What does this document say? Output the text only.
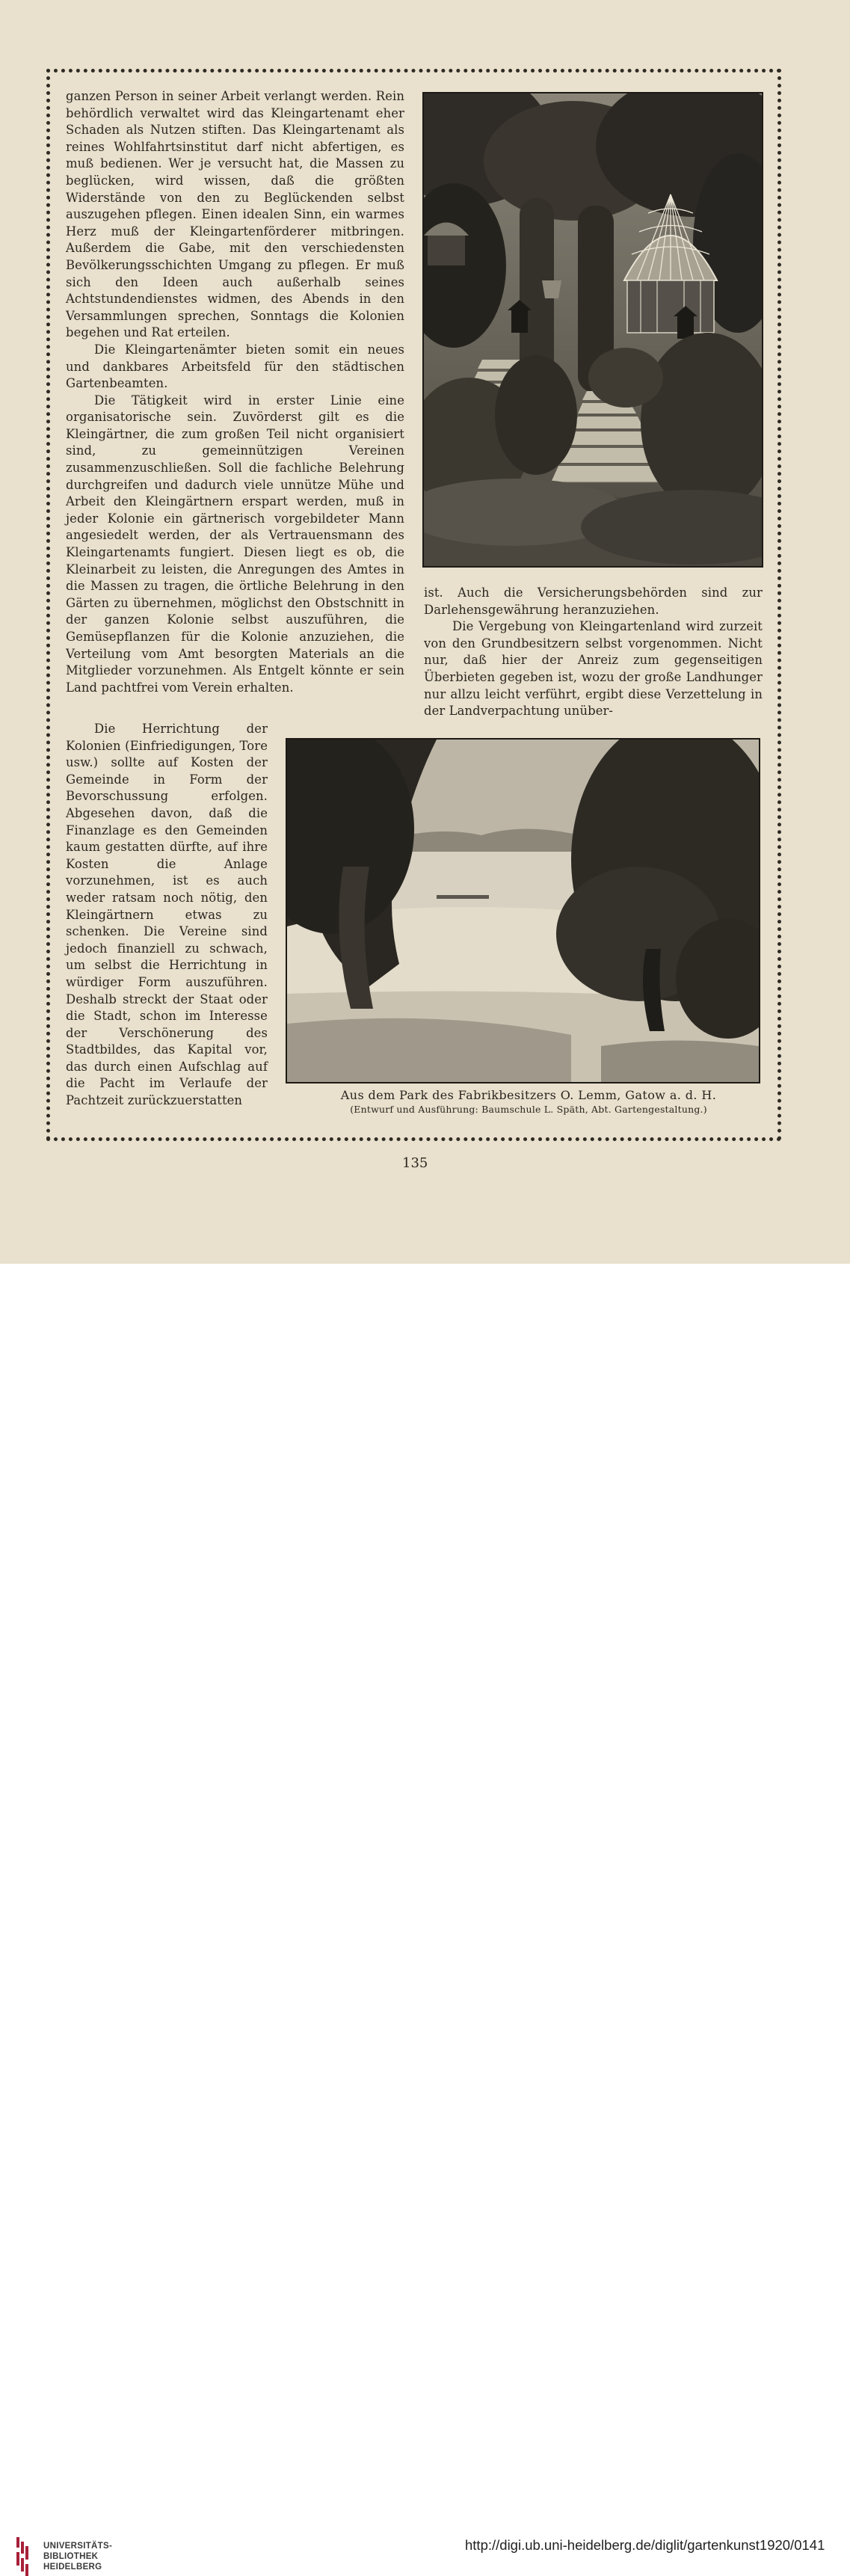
ganzen Person in seiner Arbeit verlangt werden. Rein behördlich verwaltet wird das Kleingartenamt eher Schaden als Nutzen stiften. Das Kleingartenamt als reines Wohlfahrtsinstitut darf nicht abfertigen, es muß bedienen. Wer je versucht hat, die Massen zu beglücken, wird wissen, daß die größten Widerstände von den zu Beglückenden selbst auszugehen pflegen. Einen idealen Sinn, ein warmes Herz muß der Kleingartenförderer mitbringen. Außerdem die Gabe, mit den verschiedensten Bevölkerungsschichten Umgang zu pflegen. Er muß sich den Ideen auch außerhalb seines Achtstundendienstes widmen, des Abends in den Versammlungen sprechen, Sonntags die Kolonien begehen und Rat erteilen.

Die Kleingartenämter bieten somit ein neues und dankbares Arbeitsfeld für den städtischen Gartenbeamten.

Die Tätigkeit wird in erster Linie eine organisatorische sein. Zuvörderst gilt es die Kleingärtner, die zum großen Teil nicht organisiert sind, zu gemeinnützigen Vereinen zusammenzuschließen. Soll die fachliche Belehrung durchgreifen und dadurch viele unnütze Mühe und Arbeit den Kleingärtnern erspart werden, muß in jeder Kolonie ein gärtnerisch vorgebildeter Mann angesiedelt werden, der als Vertrauensmann des Kleingartenamts fungiert. Diesen liegt es ob, die Kleinarbeit zu leisten, die Anregungen des Amtes in die Massen zu tragen, die örtliche Belehrung in den Gärten zu übernehmen, möglichst den Obstschnitt in der ganzen Kolonie selbst auszuführen, die Gemüsepflanzen für die Kolonie anzuziehen, die Verteilung vom Amt besorgten Materials an die Mitglieder vorzunehmen. Als Entgelt könnte er sein Land pachtfrei vom Verein erhalten.

Die Herrichtung der Kolonien (Einfriedigungen, Tore usw.) sollte auf Kosten der Gemeinde in Form der Bevorschussung erfolgen. Abgesehen davon, daß die Finanzlage es den Gemeinden kaum gestatten dürfte, auf ihre Kosten die Anlage vorzunehmen, ist es auch weder ratsam noch nötig, den Kleingärtnern etwas zu schenken. Die Vereine sind jedoch finanziell zu schwach, um selbst die Herrichtung in würdiger Form auszuführen. Deshalb streckt der Staat oder die Stadt, schon im Interesse der Verschönerung des Stadtbildes, das Kapital vor, das durch einen Aufschlag auf die Pacht im Verlaufe der Pachtzeit zurückzuerstatten

ist. Auch die Versicherungsbehörden sind zur Darlehensgewährung heranzuziehen.

Die Vergebung von Kleingartenland wird zurzeit von den Grundbesitzern selbst vorgenommen. Nicht nur, daß hier der Anreiz zum gegenseitigen Überbieten gegeben ist, wozu der große Landhunger nur allzu leicht verführt, ergibt diese Verzettelung in der Landverpachtung unüber-

Aus dem Park des Fabrikbesitzers O. Lemm, Gatow a. d. H.
(Entwurf und Ausführung: Baumschule L. Späth, Abt. Gartengestaltung.)
135
UNIVERSITÄTS-
BIBLIOTHEK
HEIDELBERG
http://digi.ub.uni-heidelberg.de/diglit/gartenkunst1920/0141
